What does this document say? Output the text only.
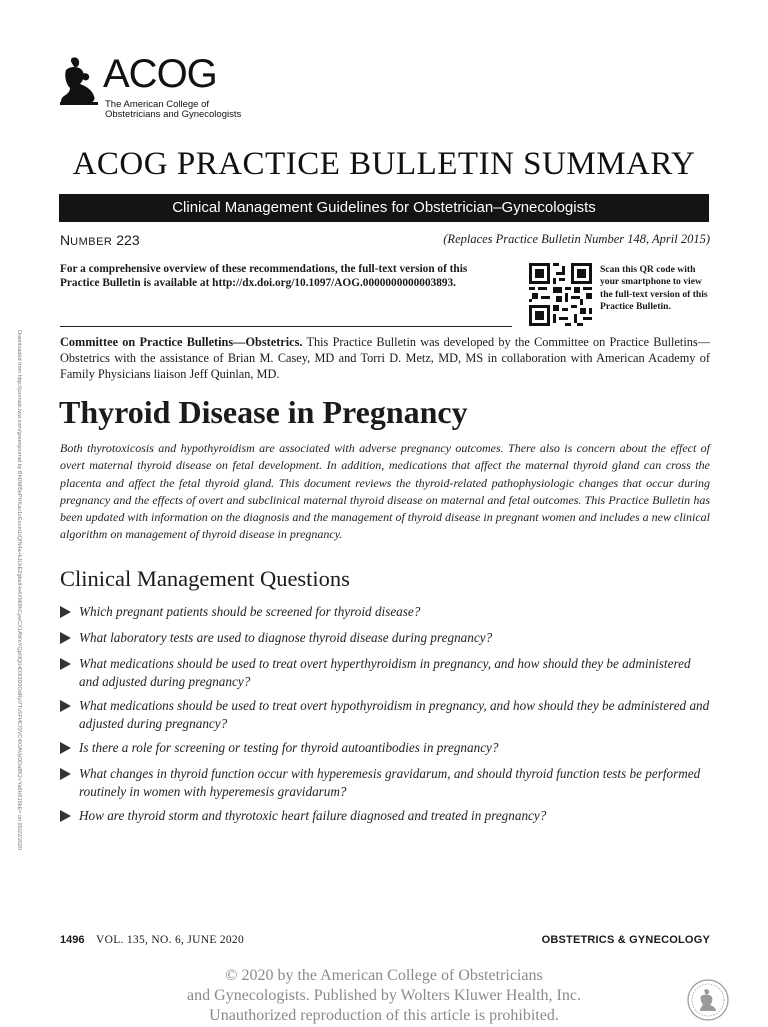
Downloaded from http://journals.lww.com/greenjournal by BhDMf5ePHKav1zEoum1tQfN4a+kJLhEZgbsIHo4XMi0hCywCX1AWnYQp/IlQrHD3i3D0OdRyi7TvSFl4Cf3VC4/OAVpDDa8K2+Ya6H515kE= on 05/22/2020
ACOG
The American College of
Obstetricians and Gynecologists
ACOG PRACTICE BULLETIN SUMMARY
Clinical Management Guidelines for Obstetrician–Gynecologists
NUMBER 223	(Replaces Practice Bulletin Number 148, April 2015)
For a comprehensive overview of these recommendations, the full-text version of this Practice Bulletin is available at http://dx.doi.org/10.1097/AOG.0000000000003893.
Scan this QR code with your smartphone to view the full-text version of this Practice Bulletin.
Committee on Practice Bulletins—Obstetrics. This Practice Bulletin was developed by the Committee on Practice Bulletins—Obstetrics with the assistance of Brian M. Casey, MD and Torri D. Metz, MD, MS in collaboration with American Academy of Family Physicians liaison Jeff Quinlan, MD.
Thyroid Disease in Pregnancy
Both thyrotoxicosis and hypothyroidism are associated with adverse pregnancy outcomes. There also is concern about the effect of overt maternal thyroid disease on fetal development. In addition, medications that affect the maternal thyroid gland can cross the placenta and affect the fetal thyroid gland. This document reviews the thyroid-related pathophysiologic changes that occur during pregnancy and the effects of overt and subclinical maternal thyroid disease on maternal and fetal outcomes. This Practice Bulletin has been updated with information on the diagnosis and the management of thyroid disease in pregnant women and includes a new clinical algorithm on management of thyroid disease in pregnancy.
Clinical Management Questions
Which pregnant patients should be screened for thyroid disease?
What laboratory tests are used to diagnose thyroid disease during pregnancy?
What medications should be used to treat overt hyperthyroidism in pregnancy, and how should they be administered and adjusted during pregnancy?
What medications should be used to treat overt hypothyroidism in pregnancy, and how should they be administered and adjusted during pregnancy?
Is there a role for screening or testing for thyroid autoantibodies in pregnancy?
What changes in thyroid function occur with hyperemesis gravidarum, and should thyroid function tests be performed routinely in women with hyperemesis gravidarum?
How are thyroid storm and thyrotoxic heart failure diagnosed and treated in pregnancy?
1496 VOL. 135, NO. 6, JUNE 2020	OBSTETRICS & GYNECOLOGY
© 2020 by the American College of Obstetricians
and Gynecologists. Published by Wolters Kluwer Health, Inc.
Unauthorized reproduction of this article is prohibited.
